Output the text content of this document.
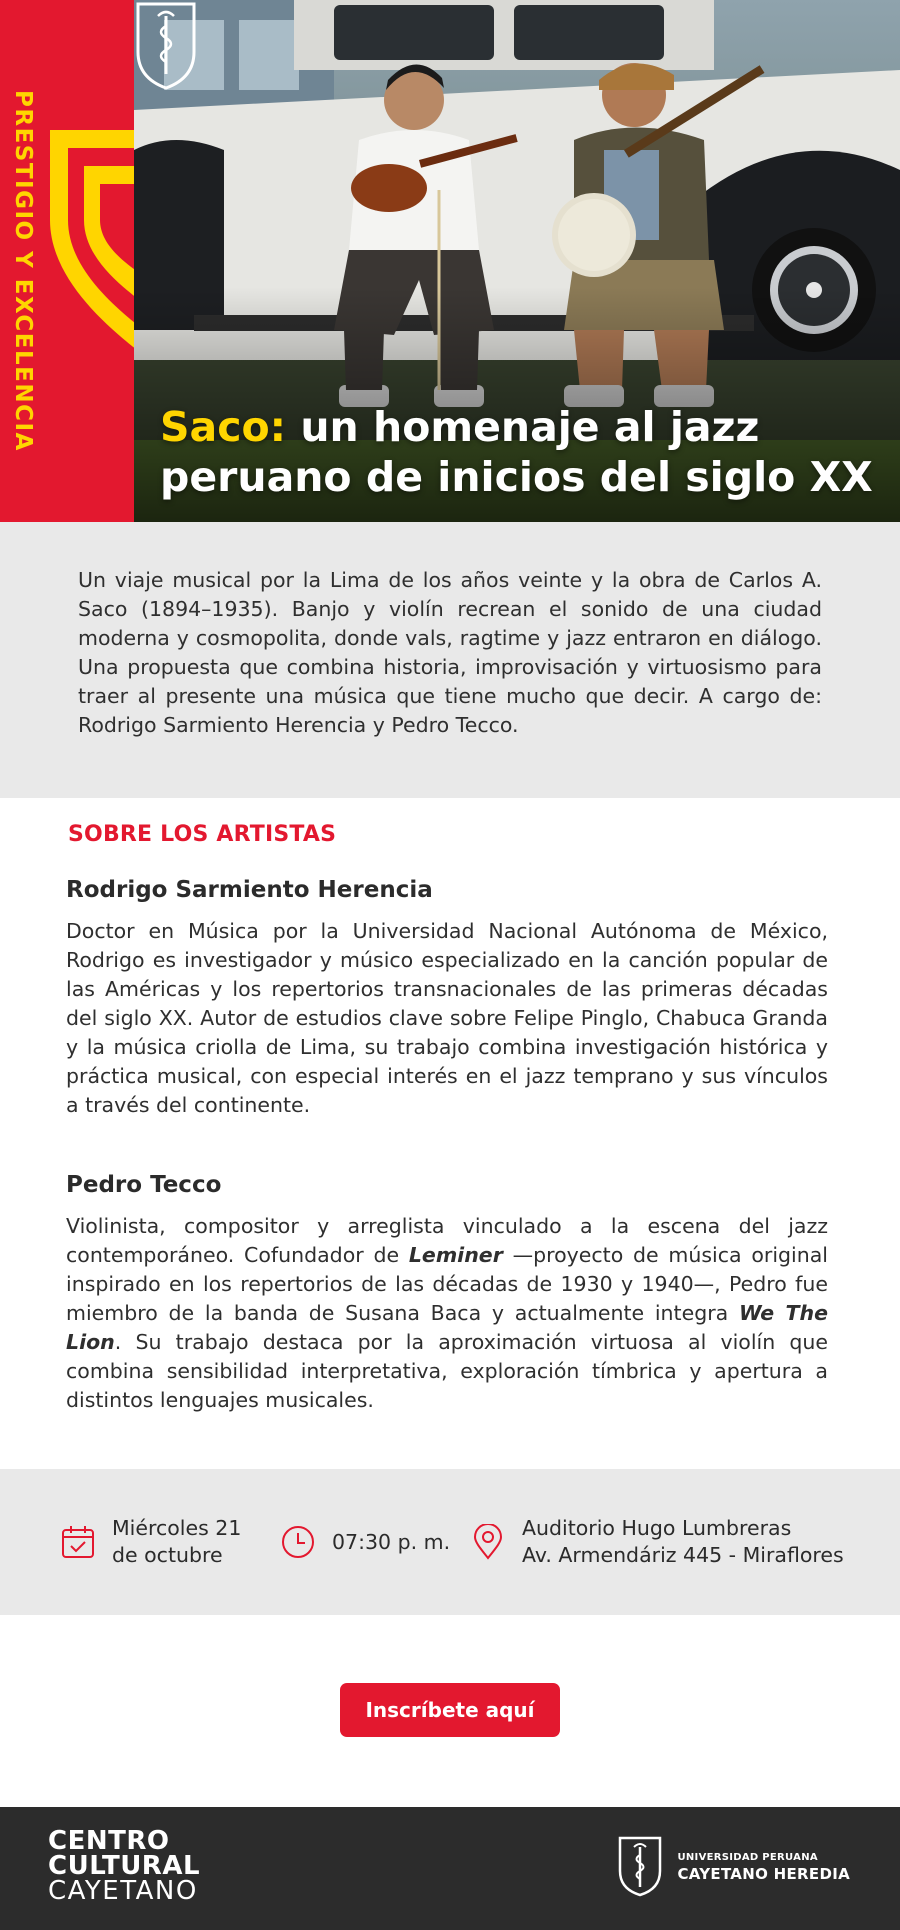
PRESTIGIO Y EXCELENCIA	Saco: un homenaje al jazz
peruano de inicios del siglo XX

Un viaje musical por la Lima de los años veinte y la obra de Carlos A. Saco (1894–1935). Banjo y violín recrean el sonido de una ciudad moderna y cosmopolita, donde vals, ragtime y jazz entraron en diálogo. Una propuesta que combina historia, improvisación y virtuosismo para traer al presente una música que tiene mucho que decir. A cargo de: Rodrigo Sarmiento Herencia y Pedro Tecco.

SOBRE LOS ARTISTAS
Rodrigo Sarmiento Herencia

Doctor en Música por la Universidad Nacional Autónoma de México, Rodrigo es investigador y músico especializado en la canción popular de las Américas y los repertorios transnacionales de las primeras décadas del siglo XX. Autor de estudios clave sobre Felipe Pinglo, Chabuca Granda y la música criolla de Lima, su trabajo combina investigación histórica y práctica musical, con especial interés en el jazz temprano y sus vínculos a través del continente.

Pedro Tecco

Violinista, compositor y arreglista vinculado a la escena del jazz contemporáneo. Cofundador de Leminer —proyecto de música original inspirado en los repertorios de las décadas de 1930 y 1940—, Pedro fue miembro de la banda de Susana Baca y actualmente integra We The Lion. Su trabajo destaca por la aproximación virtuosa al violín que combina sensibilidad interpretativa, exploración tímbrica y apertura a distintos lenguajes musicales.

Miércoles 21
de octubre
07:30 p. m.
Auditorio Hugo Lumbreras
Av. Armendáriz 445 - Miraflores
Inscríbete aquí
CENTRO
CULTURAL
CAYETANO
UNIVERSIDAD PERUANA
CAYETANO HEREDIA
